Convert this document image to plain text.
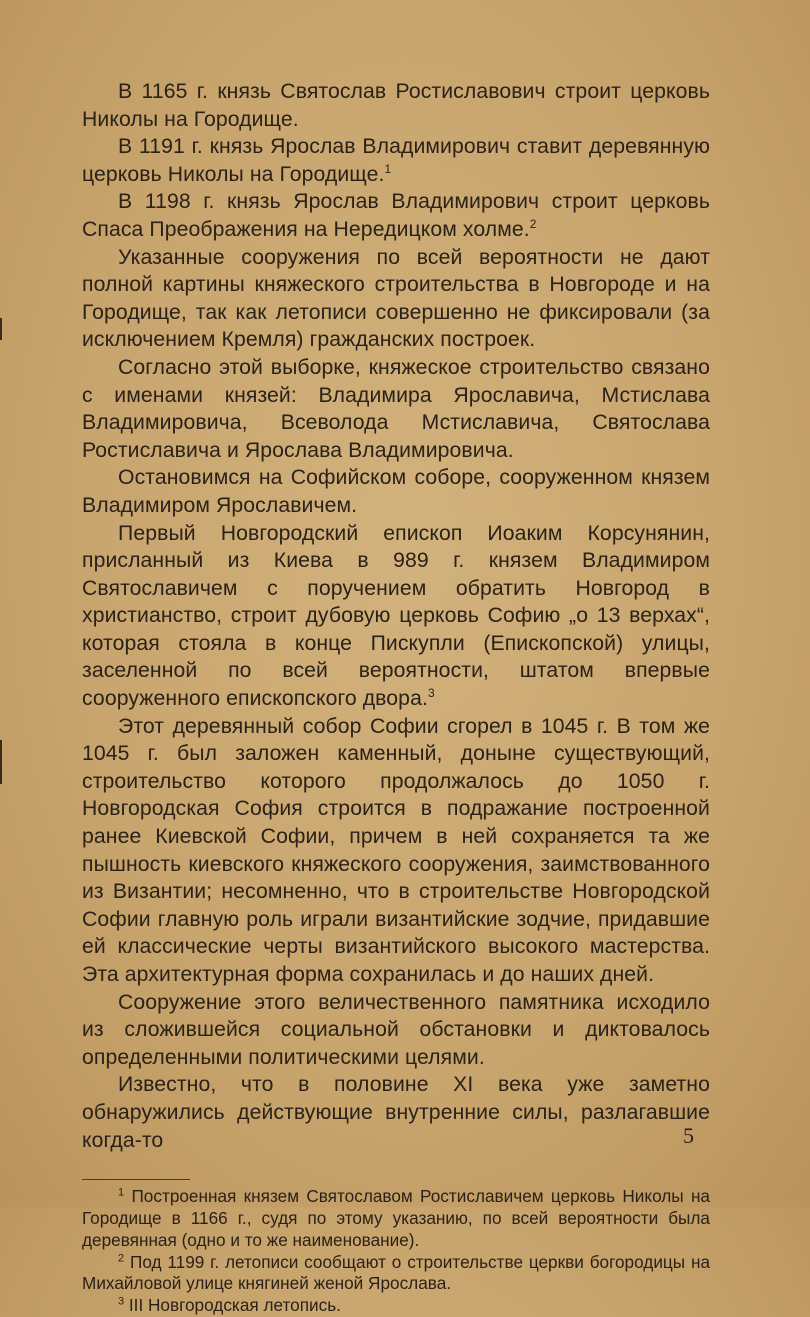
В 1165 г. князь Святослав Ростиславович строит церковь Николы на Городище.

В 1191 г. князь Ярослав Владимирович ставит деревянную церковь Николы на Городище.$^1$

В 1198 г. князь Ярослав Владимирович строит церковь Спаса Преображения на Нередицком холме.$^2$

Указанные сооружения по всей вероятности не дают полной картины княжеского строительства в Новгороде и на Городище, так как летописи совершенно не фиксировали (за исключением Кремля) гражданских построек.

Согласно этой выборке, княжеское строительство связано с именами князей: Владимира Ярославича, Мстислава Владимировича, Всеволода Мстиславича, Святослава Ростиславича и Ярослава Владимировича.

Остановимся на Софийском соборе, сооруженном князем Владимиром Ярославичем.

Первый Новгородский епископ Иоаким Корсунянин, присланный из Киева в 989 г. князем Владимиром Святославичем с поручением обратить Новгород в христианство, строит дубовую церковь Софию „о 13 верхах“, которая стояла в конце Пискупли (Епископской) улицы, заселенной по всей вероятности, штатом впервые сооруженного епископского двора.$^3$

Этот деревянный собор Софии сгорел в 1045 г. В том же 1045 г. был заложен каменный, доныне существующий, строительство которого продолжалось до 1050 г. Новгородская София строится в подражание построенной ранее Киевской Софии, причем в ней сохраняется та же пышность киевского княжеского сооружения, заимствованного из Византии; несомненно, что в строительстве Новгородской Софии главную роль играли византийские зодчие, придавшие ей классические черты византийского высокого мастерства. Эта архитектурная форма сохранилась и до наших дней.

Сооружение этого величественного памятника исходило из сложившейся социальной обстановки и диктовалось определенными политическими целями.

Известно, что в половине XI века уже заметно обнаружились действующие внутренние силы, разлагавшие когда-то

$^1$ Построенная князем Святославом Ростиславичем церковь Николы на Городище в 1166 г., судя по этому указанию, по всей вероятности была деревянная (одно и то же наименование).

$^2$ Под 1199 г. летописи сообщают о строительстве церкви богородицы на Михайловой улице княгиней женой Ярослава.

$^3$ III Новгородская летопись.

5
